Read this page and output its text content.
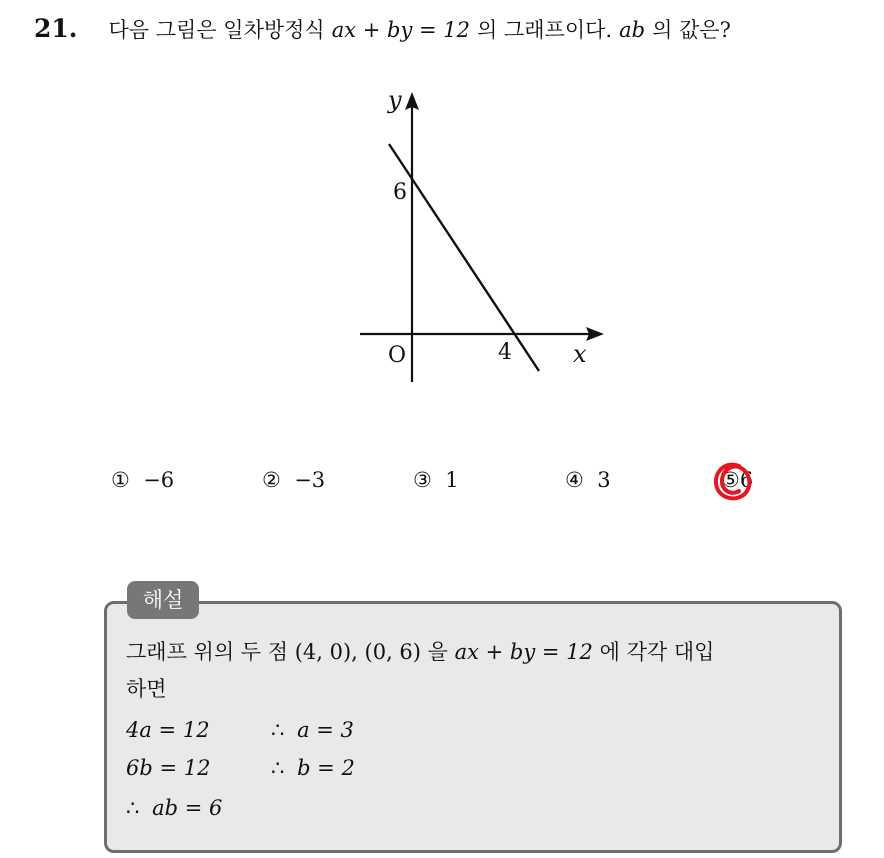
21. 다음 그림은 일차방정식 ax + by = 12 의 그래프이다. ab 의 값은?
y
x
O
6
4
① −6	② −3	③ 1	④ 3	⑤6
해설
그래프 위의 두 점 (4, 0), (0, 6) 을 ax + by = 12 에 각각 대입
하면
4a = 12	∴ a = 3
6b = 12	∴ b = 2
∴ ab = 6
